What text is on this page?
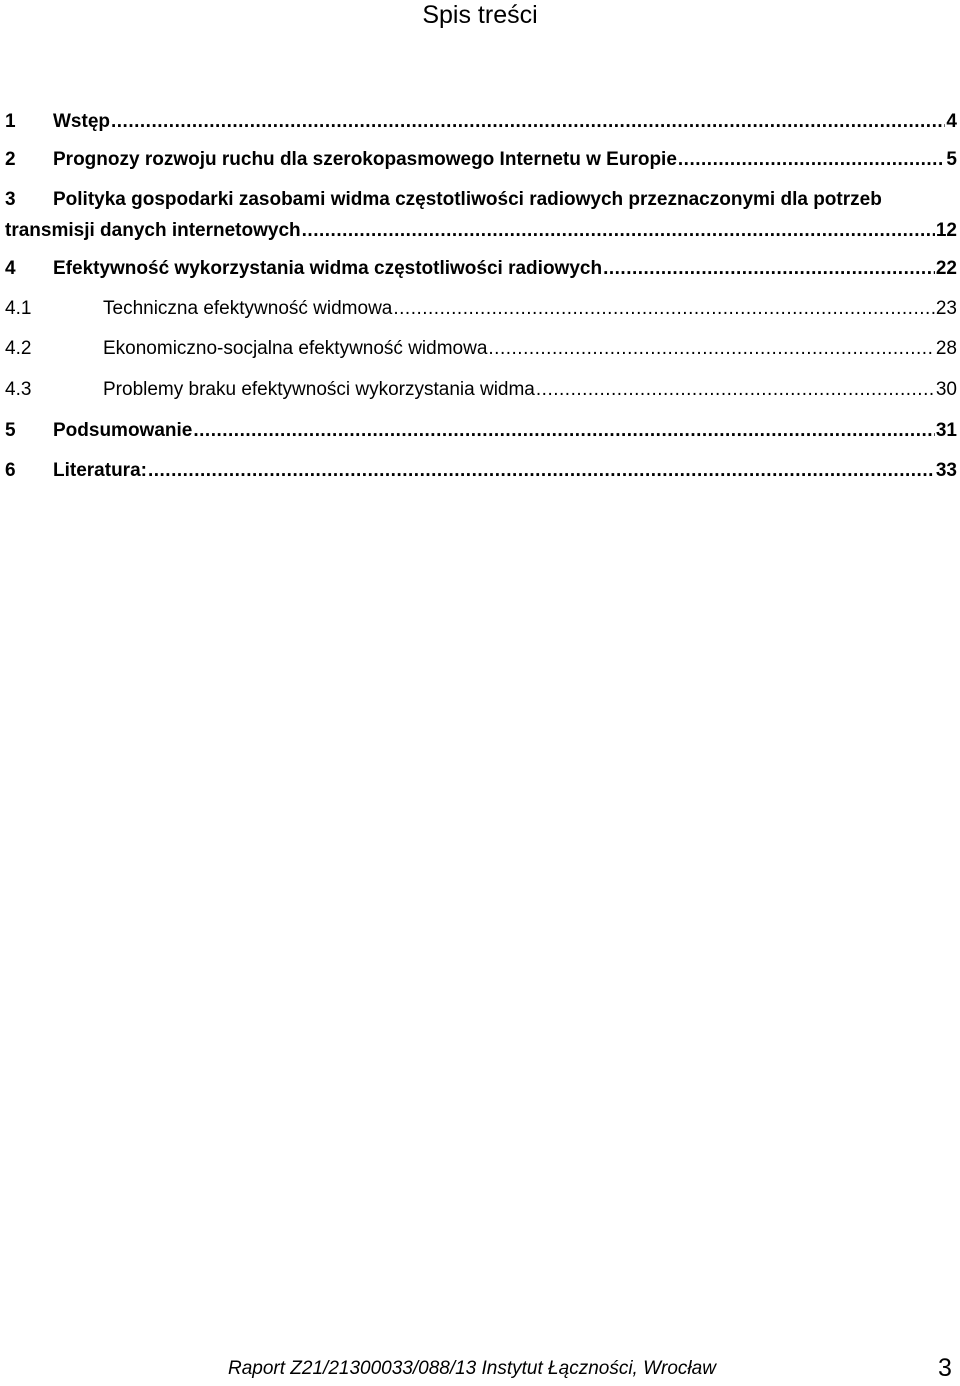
Spis treści
1	Wstęp .....	4
2	Prognozy rozwoju ruchu dla szerokopasmowego Internetu w Europie .....	5
3	Polityka gospodarki zasobami widma częstotliwości radiowych przeznaczonymi dla potrzeb
transmisji danych internetowych .....	12
4	Efektywność wykorzystania widma częstotliwości radiowych .....	22
4.1	Techniczna efektywność widmowa .....	23
4.2	Ekonomiczno-socjalna efektywność widmowa .....	28
4.3	Problemy braku efektywności wykorzystania widma .....	30
5	Podsumowanie .....	31
6	Literatura: .....	33
Raport Z21/21300033/088/13 Instytut Łączności, Wrocław	3
